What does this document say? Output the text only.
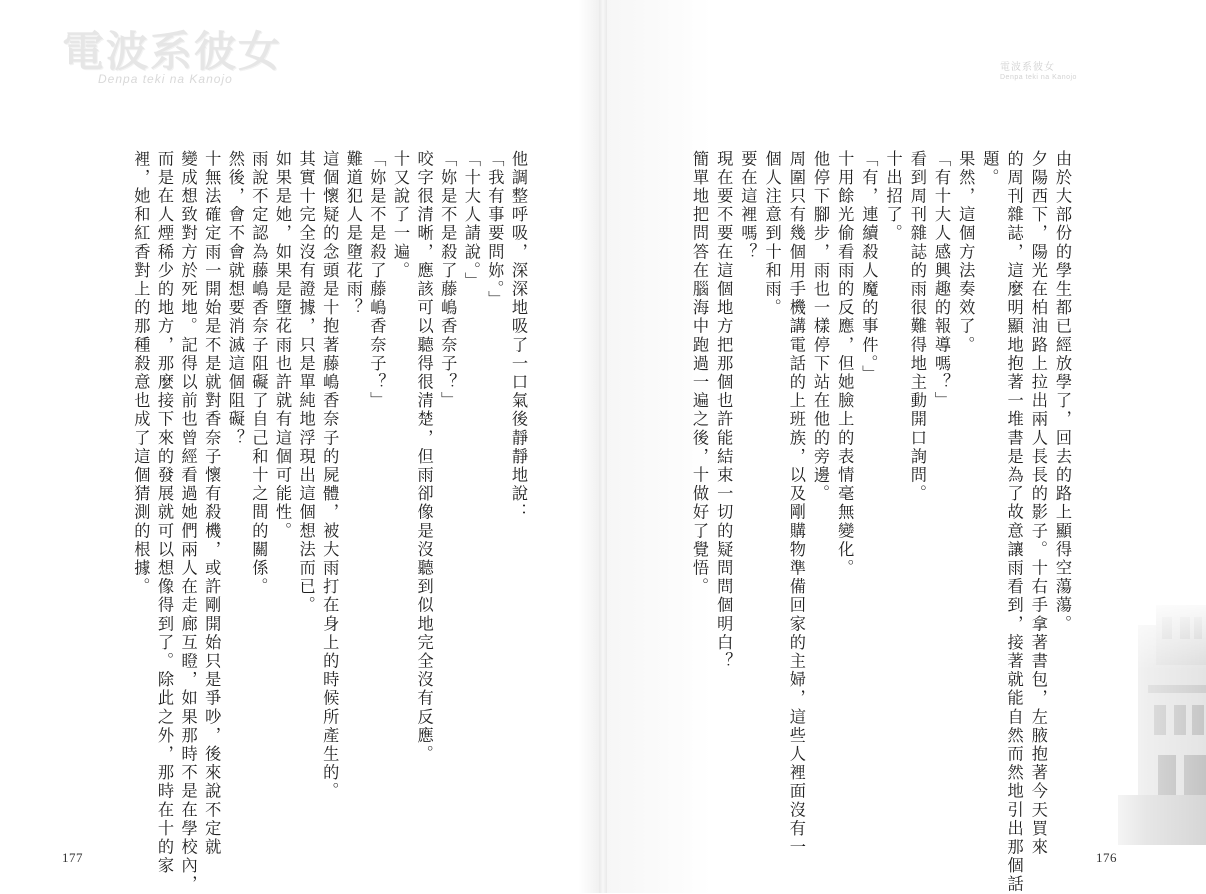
電波系彼女
Denpa teki na Kanojo
電波系彼女
Denpa teki na Kanojo
由於大部份的學生都已經放學了，回去的路上顯得空蕩蕩。
夕陽西下，陽光在柏油路上拉出兩人長長的影子。十右手拿著書包，左腋抱著今天買來
的周刊雜誌，這麼明顯地抱著一堆書是為了故意讓雨看到，接著就能自然而然地引出那個話
題。
果然，這個方法奏效了。
「有十大人感興趣的報導嗎？」
看到周刊雜誌的雨很難得地主動開口詢問。
十出招了。
「有，連續殺人魔的事件。」
十用餘光偷看雨的反應，但她臉上的表情毫無變化。
他停下腳步，雨也一樣停下站在他的旁邊。
周圍只有幾個用手機講電話的上班族，以及剛購物準備回家的主婦，這些人裡面沒有一
個人注意到十和雨。
要在這裡嗎？
現在要不要在這個地方把那個也許能結束一切的疑問問個明白？
簡單地把問答在腦海中跑過一遍之後，十做好了覺悟。
他調整呼吸，深深地吸了一口氣後靜靜地說：
「我有事要問妳。」
「十大人請說。」
「妳是不是殺了藤嶋香奈子？」
咬字很清晰，應該可以聽得很清楚，但雨卻像是沒聽到似地完全沒有反應。
十又說了一遍。
「妳是不是殺了藤嶋香奈子？」
難道犯人是墮花雨？
這個懷疑的念頭是十抱著藤嶋香奈子的屍體，被大雨打在身上的時候所產生的。
其實十完全沒有證據，只是單純地浮現出這個想法而已。
如果是她，如果是墮花雨也許就有這個可能性。
雨說不定認為藤嶋香奈子阻礙了自己和十之間的關係。
然後，會不會就想要消滅這個阻礙？
十無法確定雨一開始是不是就對香奈子懷有殺機，或許剛開始只是爭吵，後來說不定就
變成想致對方於死地。記得以前也曾經看過她們兩人在走廊互瞪，如果那時不是在學校內，
而是在人煙稀少的地方，那麼接下來的發展就可以想像得到了。除此之外，那時在十的家
裡，她和紅香對上的那種殺意也成了這個猜測的根據。
177	176
